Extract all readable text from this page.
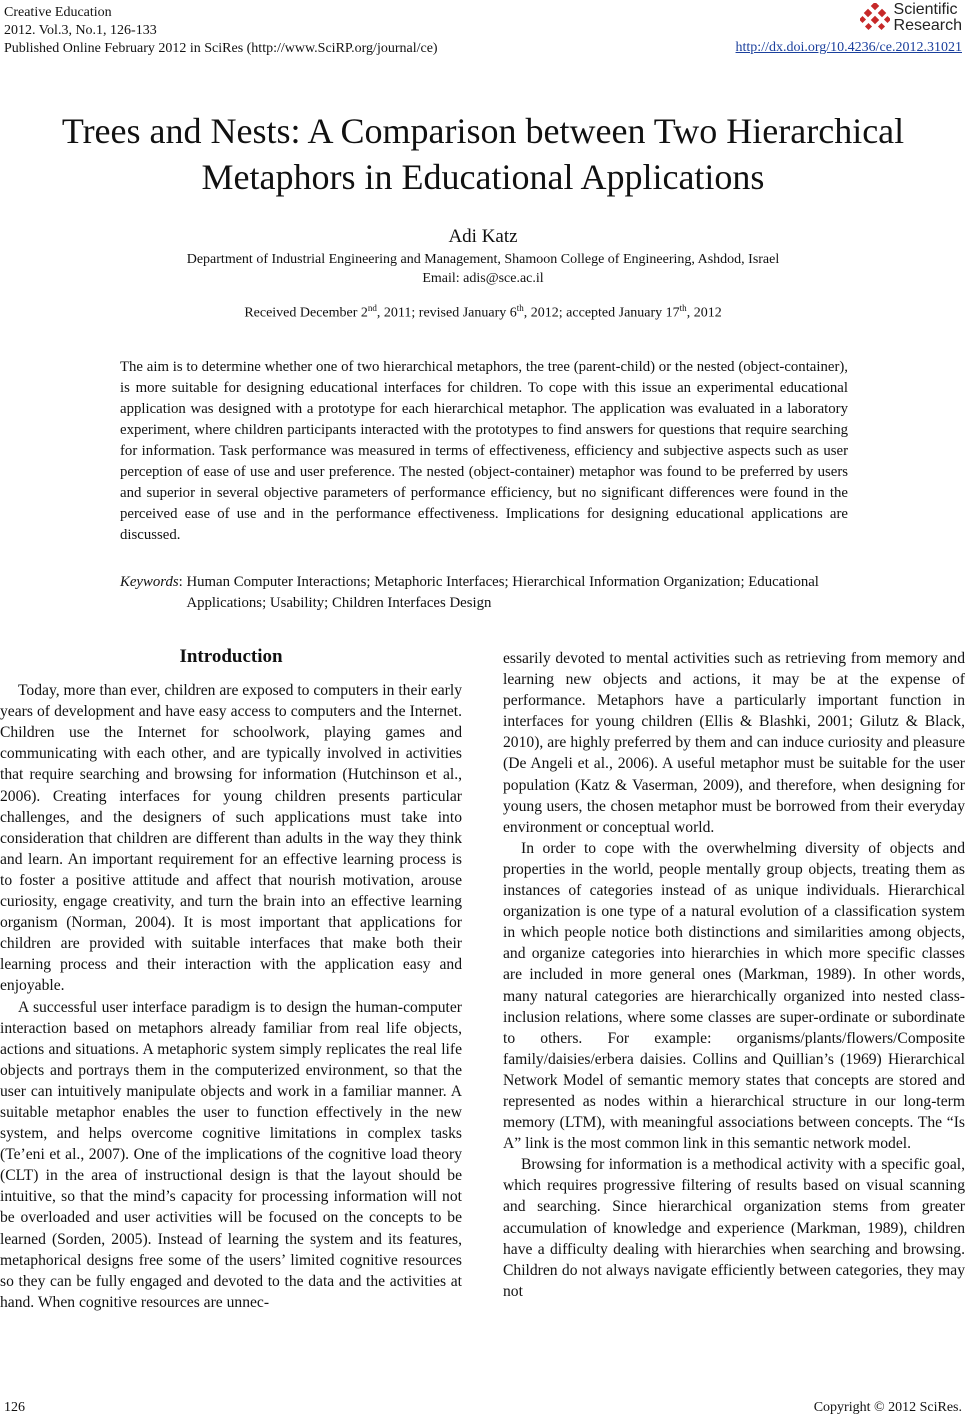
Creative Education
2012. Vol.3, No.1, 126-133
Published Online February 2012 in SciRes (http://www.SciRP.org/journal/ce)
Scientific
Research
http://dx.doi.org/10.4236/ce.2012.31021
Trees and Nests: A Comparison between Two Hierarchical
Metaphors in Educational Applications
Adi Katz
Department of Industrial Engineering and Management, Shamoon College of Engineering, Ashdod, Israel
Email: adis@sce.ac.il
Received December 2nd, 2011; revised January 6th, 2012; accepted January 17th, 2012
The aim is to determine whether one of two hierarchical metaphors, the tree (parent-child) or the nested (object-container), is more suitable for designing educational interfaces for children. To cope with this issue an experimental educational application was designed with a prototype for each hierarchical metaphor. The application was evaluated in a laboratory experiment, where children participants interacted with the prototypes to find answers for questions that require searching for information. Task performance was measured in terms of effectiveness, efficiency and subjective aspects such as user perception of ease of use and user preference. The nested (object-container) metaphor was found to be preferred by users and superior in several objective parameters of performance efficiency, but no significant differences were found in the perceived ease of use and in the performance effectiveness. Implications for designing educational applications are discussed.
Keywords : Human Computer Interactions; Metaphoric Interfaces; Hierarchical Information Organization; Educational Applications; Usability; Children Interfaces Design
Introduction

Today, more than ever, children are exposed to computers in their early years of development and have easy access to computers and the Internet. Children use the Internet for schoolwork, playing games and communicating with each other, and are typically involved in activities that require searching and browsing for information (Hutchinson et al., 2006). Creating interfaces for young children presents particular challenges, and the designers of such applications must take into consideration that children are different than adults in the way they think and learn. An important requirement for an effective learning process is to foster a positive attitude and affect that nourish motivation, arouse curiosity, engage creativity, and turn the brain into an effective learning organism (Norman, 2004). It is most important that applications for children are provided with suitable interfaces that make both their learning process and their interaction with the application easy and enjoyable.

A successful user interface paradigm is to design the human-computer interaction based on metaphors already familiar from real life objects, actions and situations. A metaphoric system simply replicates the real life objects and portrays them in the computerized environment, so that the user can intuitively manipulate objects and work in a familiar manner. A suitable metaphor enables the user to function effectively in the new system, and helps overcome cognitive limitations in complex tasks (Te’eni et al., 2007). One of the implications of the cognitive load theory (CLT) in the area of instructional design is that the layout should be intuitive, so that the mind’s capacity for processing information will not be overloaded and user activities will be focused on the concepts to be learned (Sorden, 2005). Instead of learning the system and its features, metaphorical designs free some of the users’ limited cognitive resources so they can be fully engaged and devoted to the data and the activities at hand. When cognitive resources are unnec-

essarily devoted to mental activities such as retrieving from memory and learning new objects and actions, it may be at the expense of performance. Metaphors have a particularly important function in interfaces for young children (Ellis & Blashki, 2001; Gilutz & Black, 2010), are highly preferred by them and can induce curiosity and pleasure (De Angeli et al., 2006). A useful metaphor must be suitable for the user population (Katz & Vaserman, 2009), and therefore, when designing for young users, the chosen metaphor must be borrowed from their everyday environment or conceptual world.

In order to cope with the overwhelming diversity of objects and properties in the world, people mentally group objects, treating them as instances of categories instead of as unique individuals. Hierarchical organization is one type of a natural evolution of a classification system in which people notice both distinctions and similarities among objects, and organize categories into hierarchies in which more specific classes are included in more general ones (Markman, 1989). In other words, many natural categories are hierarchically organized into nested class-inclusion relations, where some classes are super-ordinate or subordinate to others. For example: organisms/plants/flowers/Composite family/daisies/erbera daisies. Collins and Quillian’s (1969) Hierarchical Network Model of semantic memory states that concepts are stored and represented as nodes within a hierarchical structure in our long-term memory (LTM), with meaningful associations between concepts. The “Is A” link is the most common link in this semantic network model.

Browsing for information is a methodical activity with a specific goal, which requires progressive filtering of results based on visual scanning and searching. Since hierarchical organization stems from greater accumulation of knowledge and experience (Markman, 1989), children have a difficulty dealing with hierarchies when searching and browsing. Children do not always navigate efficiently between categories, they may not

126	Copyright © 2012 SciRes.
